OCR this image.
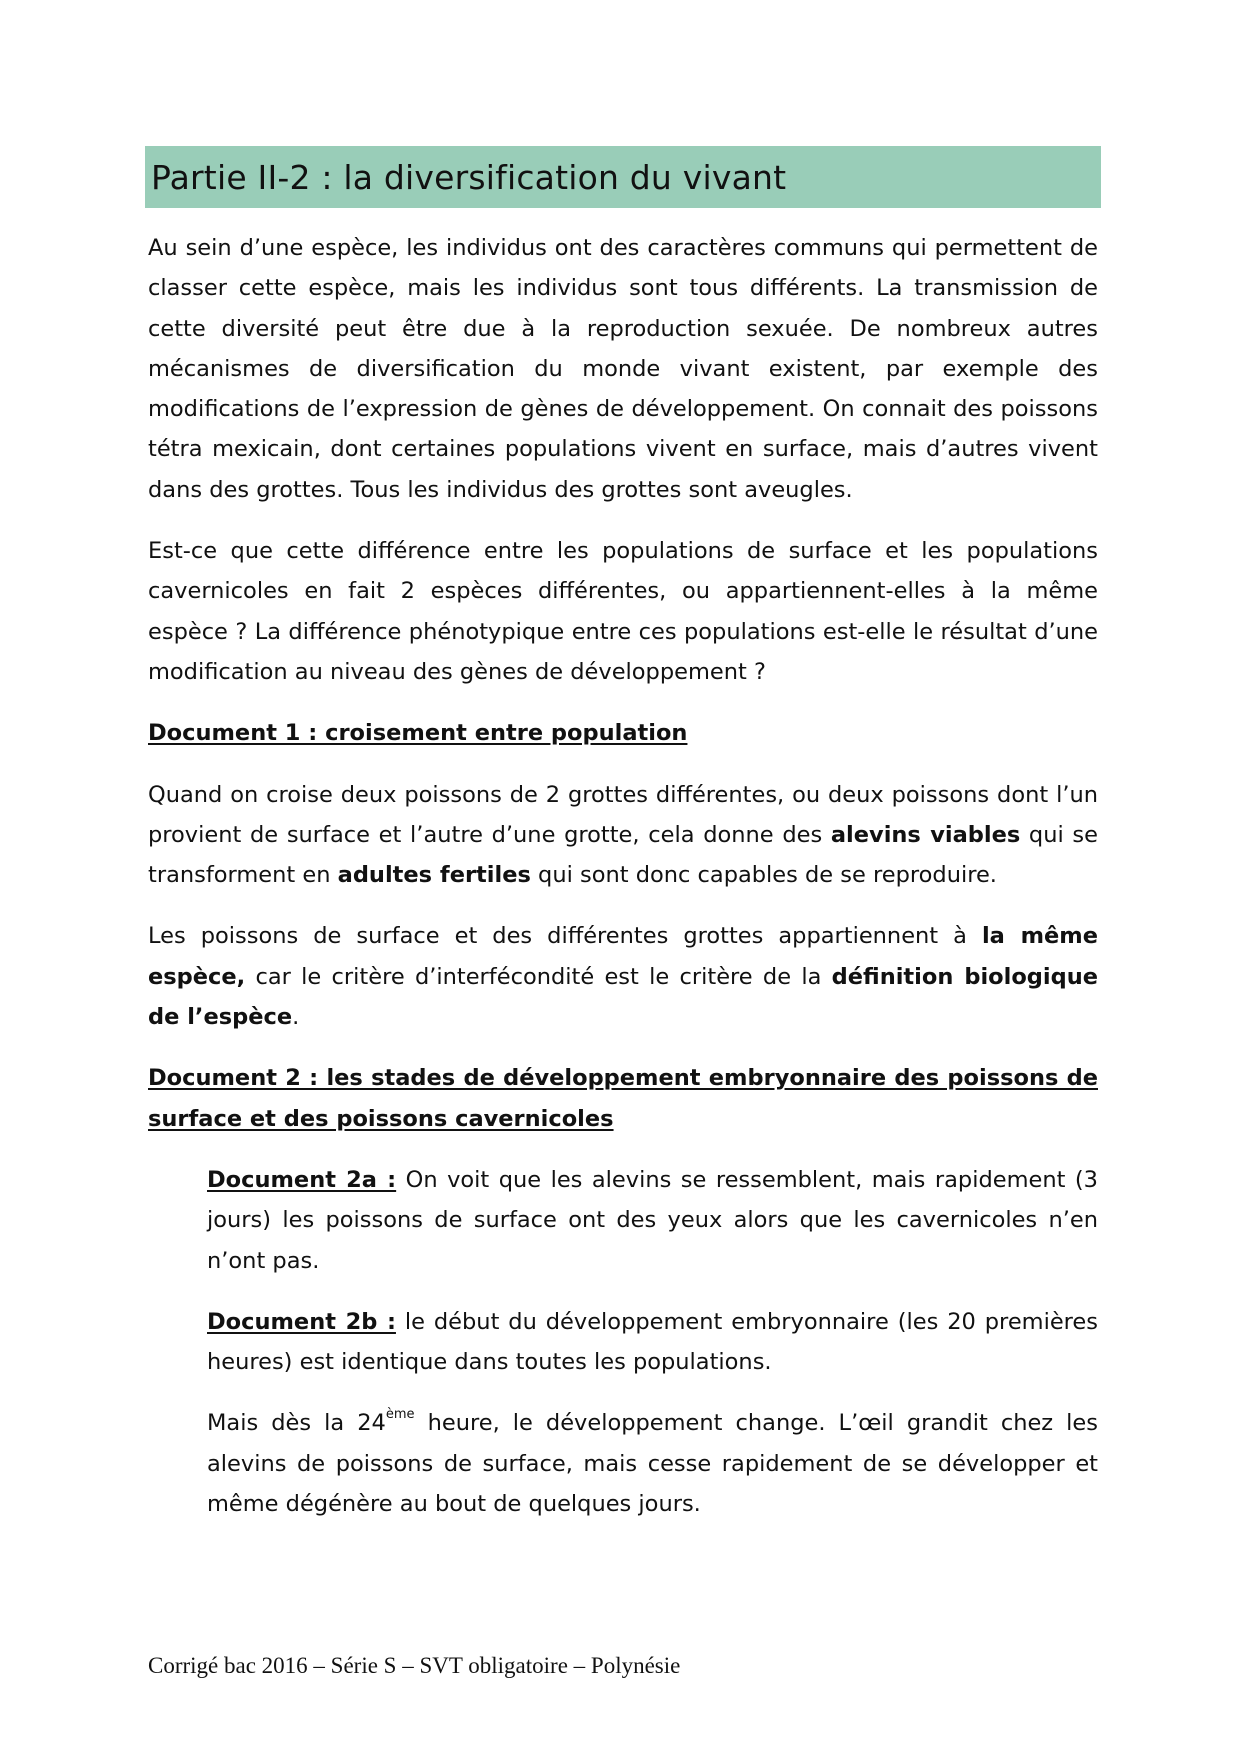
Partie II-2 : la diversification du vivant

Au sein d’une espèce, les individus ont des caractères communs qui permettent de classer cette espèce, mais les individus sont tous différents. La transmission de cette diversité peut être due à la reproduction sexuée. De nombreux autres mécanismes de diversification du monde vivant existent, par exemple des modifications de l’expression de gènes de développement. On connait des poissons tétra mexicain, dont certaines populations vivent en surface, mais d’autres vivent dans des grottes. Tous les individus des grottes sont aveugles.

Est-ce que cette différence entre les populations de surface et les populations cavernicoles en fait 2 espèces différentes, ou appartiennent-elles à la même espèce ? La différence phénotypique entre ces populations est-elle le résultat d’une modification au niveau des gènes de développement ?

Document 1 : croisement entre population

Quand on croise deux poissons de 2 grottes différentes, ou deux poissons dont l’un provient de surface et l’autre d’une grotte, cela donne des alevins viables qui se transforment en adultes fertiles qui sont donc capables de se reproduire.

Les poissons de surface et des différentes grottes appartiennent à la même espèce, car le critère d’interfécondité est le critère de la définition biologique de l’espèce.

Document 2 : les stades de développement embryonnaire des poissons de surface et des poissons cavernicoles

Document 2a : On voit que les alevins se ressemblent, mais rapidement (3 jours) les poissons de surface ont des yeux alors que les cavernicoles n’en n’ont pas.

Document 2b : le début du développement embryonnaire (les 20 premières heures) est identique dans toutes les populations.

Mais dès la 24ème heure, le développement change. L’œil grandit chez les alevins de poissons de surface, mais cesse rapidement de se développer et même dégénère au bout de quelques jours.

Corrigé bac 2016 – Série S – SVT obligatoire – Polynésie
